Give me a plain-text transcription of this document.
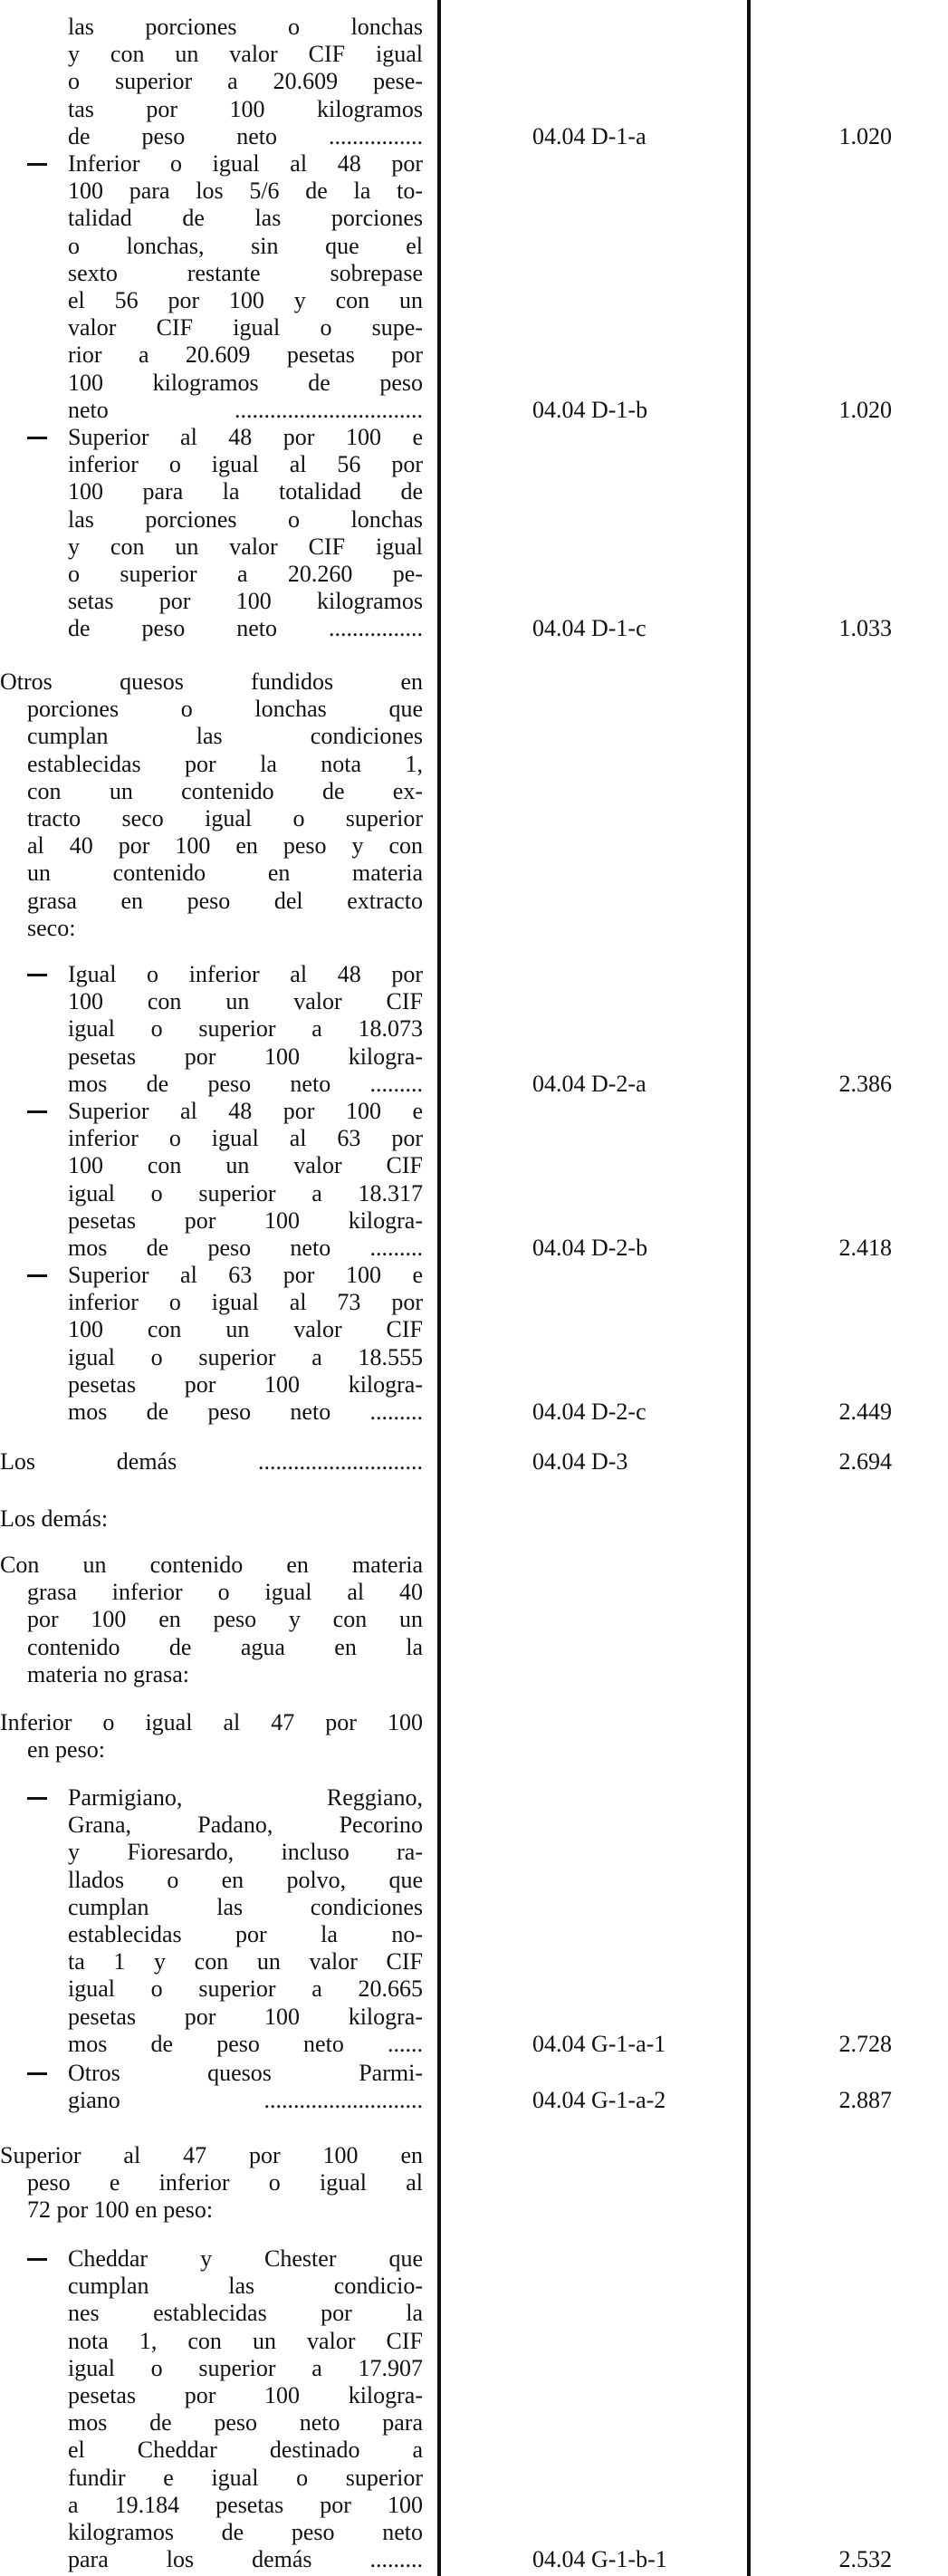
las porciones o lonchas
y con un valor CIF igual
o superior a 20.609 pese-
tas por 100 kilogramos
de peso neto ................	04.04 D-1-a	1.020
Inferior o igual al 48 por
100 para los 5/6 de la to-
talidad de las porciones
o lonchas, sin que el
sexto restante sobrepase
el 56 por 100 y con un
valor CIF igual o supe-
rior a 20.609 pesetas por
100 kilogramos de peso
neto ................................	04.04 D-1-b	1.020
Superior al 48 por 100 e
inferior o igual al 56 por
100 para la totalidad de
las porciones o lonchas
y con un valor CIF igual
o superior a 20.260 pe-
setas por 100 kilogramos
de peso neto ................	04.04 D-1-c	1.033
Otros quesos fundidos en
porciones o lonchas que
cumplan las condiciones
establecidas por la nota 1,
con un contenido de ex-
tracto seco igual o superior
al 40 por 100 en peso y con
un contenido en materia
grasa en peso del extracto
seco:
Igual o inferior al 48 por
100 con un valor CIF
igual o superior a 18.073
pesetas por 100 kilogra-
mos de peso neto .........	04.04 D-2-a	2.386
Superior al 48 por 100 e
inferior o igual al 63 por
100 con un valor CIF
igual o superior a 18.317
pesetas por 100 kilogra-
mos de peso neto .........	04.04 D-2-b	2.418
Superior al 63 por 100 e
inferior o igual al 73 por
100 con un valor CIF
igual o superior a 18.555
pesetas por 100 kilogra-
mos de peso neto .........	04.04 D-2-c	2.449
Los demás ............................	04.04 D-3	2.694
Los demás:
Con un contenido en materia
grasa inferior o igual al 40
por 100 en peso y con un
contenido de agua en la
materia no grasa:
Inferior o igual al 47 por 100
en peso:
Parmigiano, Reggiano,
Grana, Padano, Pecorino
y Fioresardo, incluso ra-
llados o en polvo, que
cumplan las condiciones
establecidas por la no-
ta 1 y con un valor CIF
igual o superior a 20.665
pesetas por 100 kilogra-
mos de peso neto ......	04.04 G-1-a-1	2.728
Otros quesos Parmi-
giano ...........................	04.04 G-1-a-2	2.887
Superior al 47 por 100 en
peso e inferior o igual al
72 por 100 en peso:
Cheddar y Chester que
cumplan las condicio-
nes establecidas por la
nota 1, con un valor CIF
igual o superior a 17.907
pesetas por 100 kilogra-
mos de peso neto para
el Cheddar destinado a
fundir e igual o superior
a 19.184 pesetas por 100
kilogramos de peso neto
para los demás .........	04.04 G-1-b-1	2.532
